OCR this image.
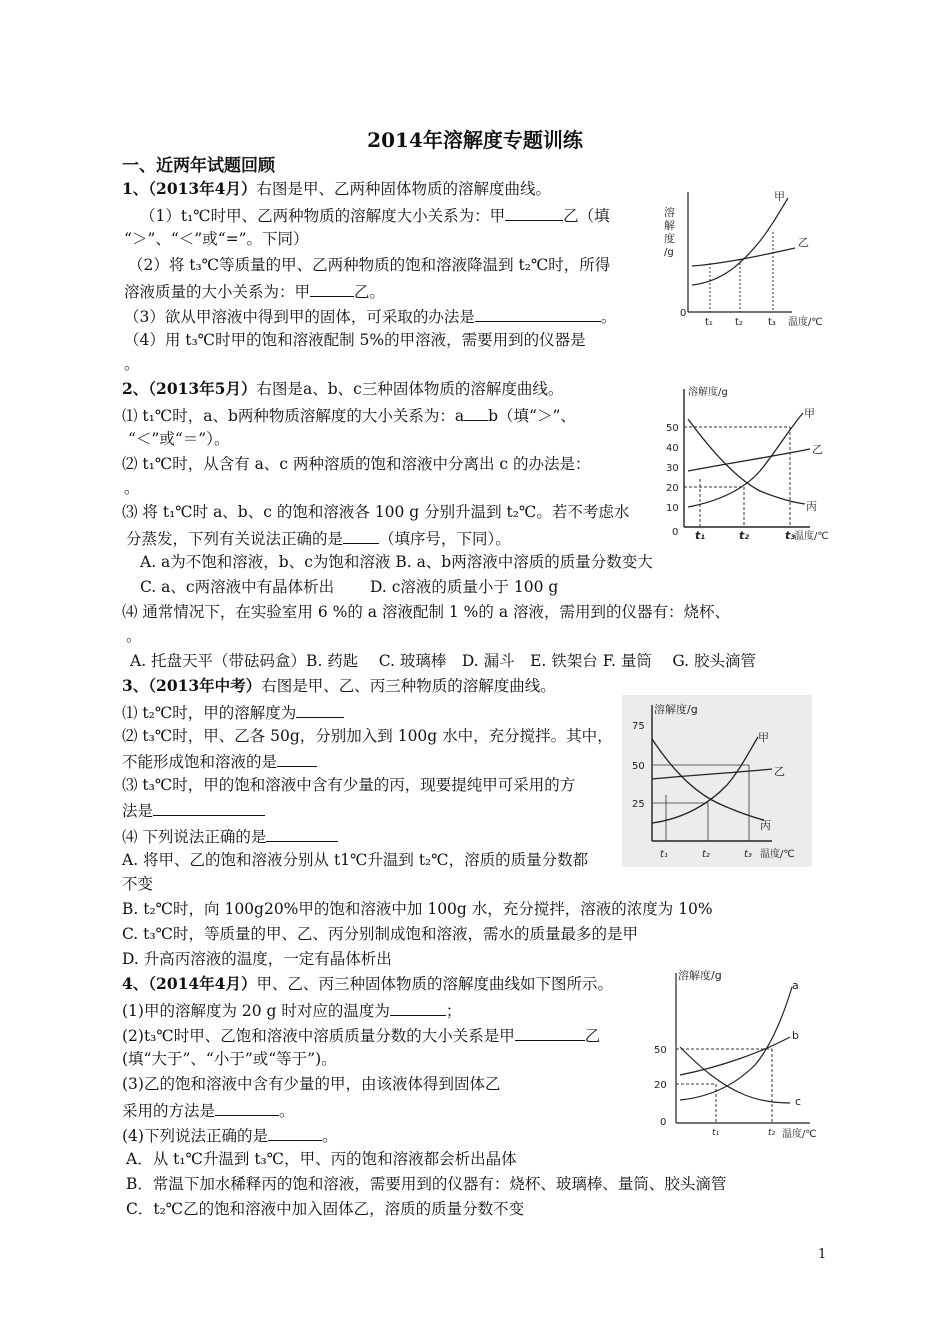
2014年溶解度专题训练
一、近两年试题回顾
1、（2013年4月）右图是甲、乙两种固体物质的溶解度曲线。
（1）t₁℃时甲、乙两种物质的溶解度大小关系为：甲	乙（填
“＞”、“＜”或“=”。下同）
（2）将 t₃℃等质量的甲、乙两种物质的饱和溶液降温到 t₂℃时，所得
溶液质量的大小关系为：甲	乙。
（3）欲从甲溶液中得到甲的固体，可采取的办法是	。
（4）用 t₃℃时甲的饱和溶液配制 5%的甲溶液，需要用到的仪器是
。
溶
解
度
/g
0
t₁ t₂	t₃ 温度/℃
甲
乙
2、（2013年5月）右图是a、b、c三种固体物质的溶解度曲线。
⑴ t₁℃时，a、b两种物质溶解度的大小关系为：a b（填“＞”、
“＜”或“＝”）。
⑵ t₁℃时，从含有 a、c 两种溶质的饱和溶液中分离出 c 的办法是：
。
⑶ 将 t₁℃时 a、b、c 的饱和溶液各 100 g 分别升温到 t₂℃。若不考虑水
分蒸发，下列有关说法正确的是 （填序号，下同）。
A. a为不饱和溶液，b、c为饱和溶液 B. a、b两溶液中溶质的质量分数变大
C. a、c两溶液中有晶体析出　　 D. c溶液的质量小于 100 g
⑷ 通常情况下，在实验室用 6 %的 a 溶液配制 1 %的 a 溶液，需用到的仪器有：烧杯、
。
A. 托盘天平（带砝码盒）B. 药匙　 C. 玻璃棒　D. 漏斗　E. 铁架台 F. 量筒　 G. 胶头滴管
溶解度/g
50
40
30
20
10
0 t₁	t₂	t₃
温度/℃
甲
乙
丙
3、（2013年中考）右图是甲、乙、丙三种物质的溶解度曲线。
⑴ t₂℃时，甲的溶解度为
⑵ t₃℃时，甲、乙各 50g，分别加入到 100g 水中，充分搅拌。其中，
不能形成饱和溶液的是
⑶ t₃℃时，甲的饱和溶液中含有少量的丙，现要提纯甲可采用的方
法是
⑷ 下列说法正确的是
A. 将甲、乙的饱和溶液分别从 t1℃升温到 t₂℃，溶质的质量分数都
不变
B. t₂℃时，向 100g20%甲的饱和溶液中加 100g 水，充分搅拌，溶液的浓度为 10%
C. t₃℃时，等质量的甲、乙、丙分别制成饱和溶液，需水的质量最多的是甲
D. 升高丙溶液的温度，一定有晶体析出
溶解度/g
75
50
25
t₁	t₂	t₃ 温度/℃
甲
乙
丙
4、（2014年4月）甲、乙、丙三种固体物质的溶解度曲线如下图所示。
(1)甲的溶解度为 20 g 时对应的温度为	；
(2)t₃℃时甲、乙饱和溶液中溶质质量分数的大小关系是甲	乙
(填“大于”、“小于”或“等于”)。
(3)乙的饱和溶液中含有少量的甲，由该液体得到固体乙
采用的方法是	。
(4)下列说法正确的是	。
A．从 t₁℃升温到 t₃℃，甲、丙的饱和溶液都会析出晶体
B．常温下加水稀释丙的饱和溶液，需要用到的仪器有：烧杯、玻璃棒、量筒、胶头滴管
C．t₂℃乙的饱和溶液中加入固体乙，溶质的质量分数不变
溶解度/g
50
20
0
t₁	t₂ 温度/℃
a
b
c
1
